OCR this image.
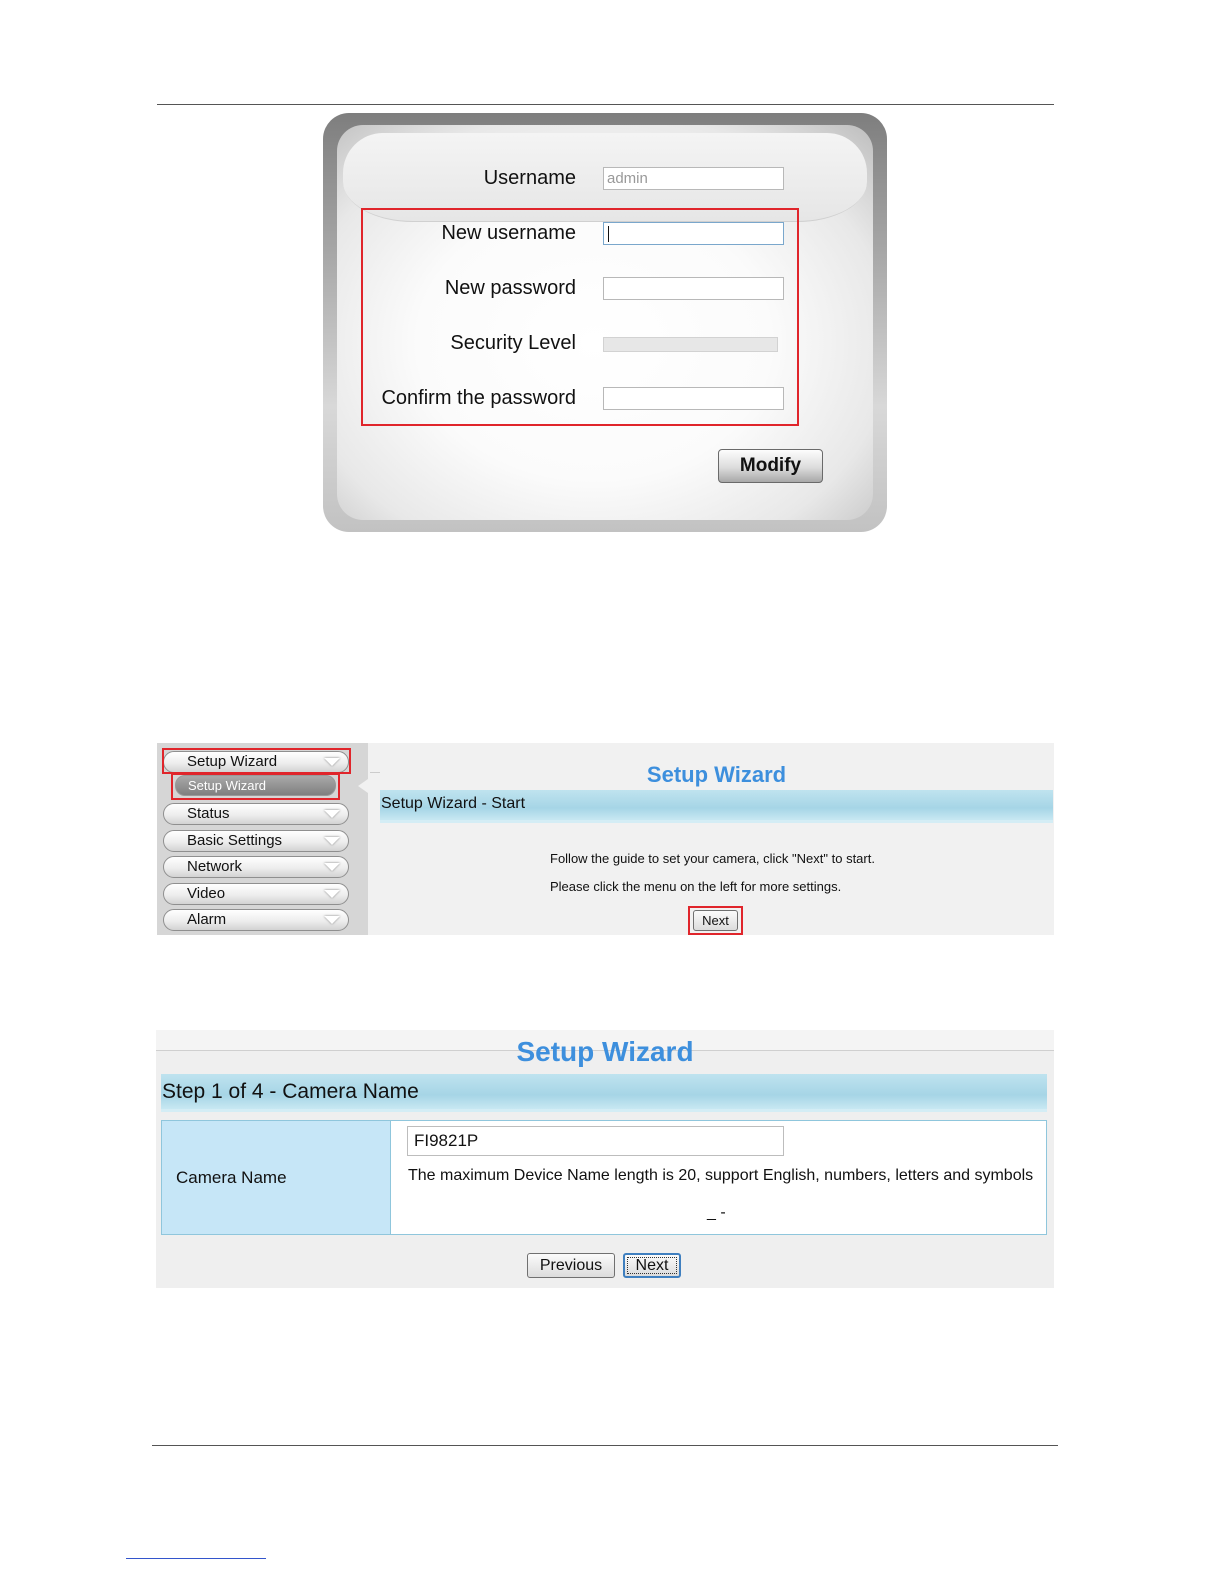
Username
admin
New username
New password
Security Level
Confirm the password
Modify
Setup Wizard
Setup Wizard
Status
Basic Settings
Network
Video
Alarm
Setup Wizard
Setup Wizard - Start
Follow the guide to set your camera, click "Next" to start.
Please click the menu on the left for more settings.
Next
Setup Wizard
Step 1 of 4 - Camera Name
Camera Name
FI9821P	The maximum Device Name length is 20, support English, numbers, letters and symbols
_ -
Previous	Next
